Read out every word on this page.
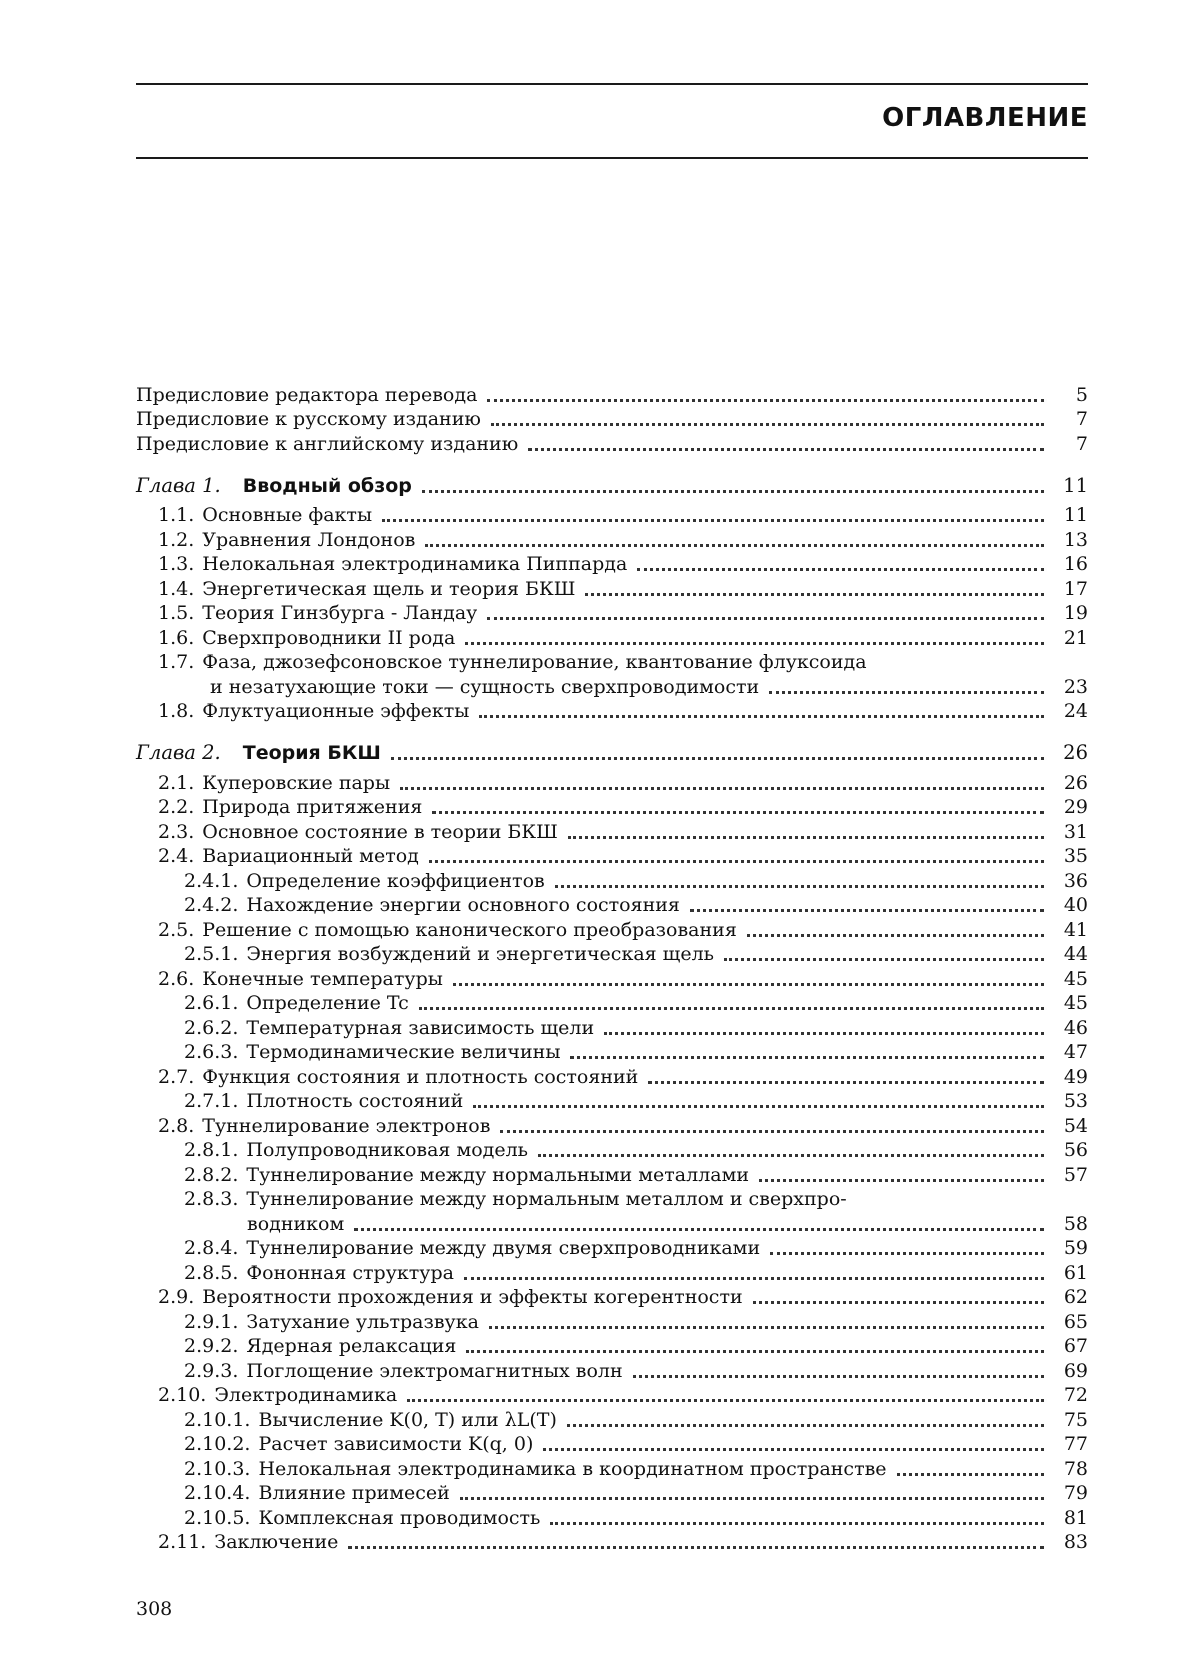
ОГЛАВЛЕНИЕ
Предисловие редактора перевода	5
Предисловие к русскому изданию	7
Предисловие к английскому изданию	7
Глава 1. Вводный обзор	11
1.1. Основные факты	11
1.2. Уравнения Лондонов	13
1.3. Нелокальная электродинамика Пиппарда	16
1.4. Энергетическая щель и теория БКШ	17
1.5. Теория Гинзбурга - Ландау	19
1.6. Сверхпроводники II рода	21
1.7. Фаза, джозефсоновское туннелирование, квантование флуксоида
и незатухающие токи — сущность сверхпроводимости	23
1.8. Флуктуационные эффекты	24
Глава 2. Теория БКШ	26
2.1. Куперовские пары	26
2.2. Природа притяжения	29
2.3. Основное состояние в теории БКШ	31
2.4. Вариационный метод	35
2.4.1. Определение коэффициентов	36
2.4.2. Нахождение энергии основного состояния	40
2.5. Решение с помощью канонического преобразования	41
2.5.1. Энергия возбуждений и энергетическая щель	44
2.6. Конечные температуры	45
2.6.1. Определение Tc	45
2.6.2. Температурная зависимость щели	46
2.6.3. Термодинамические величины	47
2.7. Функция состояния и плотность состояний	49
2.7.1. Плотность состояний	53
2.8. Туннелирование электронов	54
2.8.1. Полупроводниковая модель	56
2.8.2. Туннелирование между нормальными металлами	57
2.8.3. Туннелирование между нормальным металлом и сверхпро-
водником	58
2.8.4. Туннелирование между двумя сверхпроводниками	59
2.8.5. Фононная структура	61
2.9. Вероятности прохождения и эффекты когерентности	62
2.9.1. Затухание ультразвука	65
2.9.2. Ядерная релаксация	67
2.9.3. Поглощение электромагнитных волн	69
2.10. Электродинамика	72
2.10.1. Вычисление K(0, T) или λL(T)	75
2.10.2. Расчет зависимости K(q, 0)	77
2.10.3. Нелокальная электродинамика в координатном пространстве	78
2.10.4. Влияние примесей	79
2.10.5. Комплексная проводимость	81
2.11. Заключение	83
308
